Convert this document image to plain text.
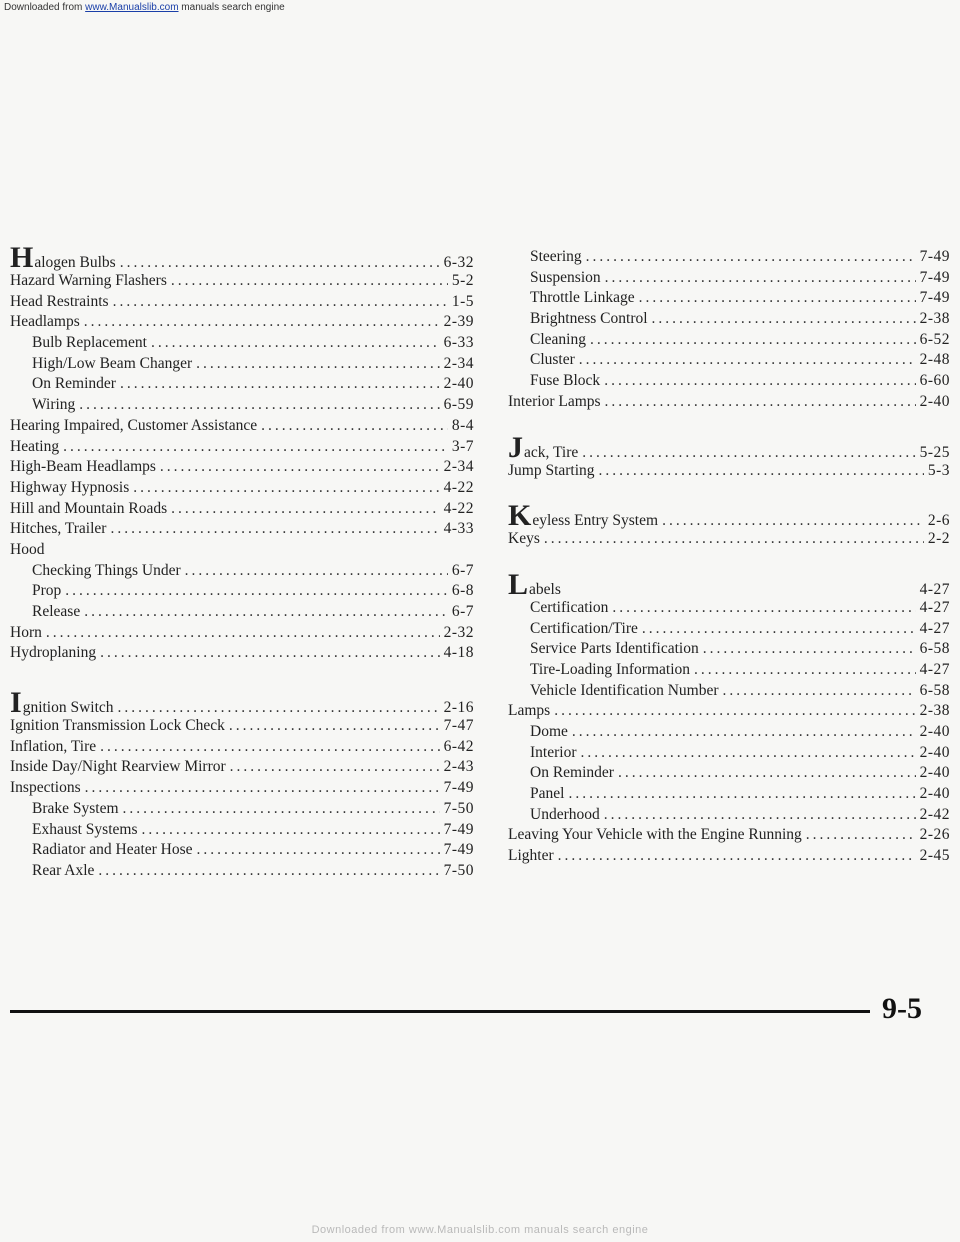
Downloaded from www.Manualslib.com manuals search engine
Halogen Bulbs .....	6-32
Hazard Warning Flashers .....	5-2
Head Restraints .....	1-5
Headlamps .....	2-39
Bulb Replacement .....	6-33
High/Low Beam Changer .....	2-34
On Reminder .....	2-40
Wiring .....	6-59
Hearing Impaired, Customer Assistance .....	8-4
Heating .....	3-7
High-Beam Headlamps .....	2-34
Highway Hypnosis .....	4-22
Hill and Mountain Roads .....	4-22
Hitches, Trailer .....	4-33
Hood
Checking Things Under .....	6-7
Prop .....	6-8
Release .....	6-7
Horn .....	2-32
Hydroplaning .....	4-18
Ignition Switch .....	2-16
Ignition Transmission Lock Check .....	7-47
Inflation, Tire .....	6-42
Inside Day/Night Rearview Mirror .....	2-43
Inspections .....	7-49
Brake System .....	7-50
Exhaust Systems .....	7-49
Radiator and Heater Hose .....	7-49
Rear Axle .....	7-50
Steering .....	7-49
Suspension .....	7-49
Throttle Linkage .....	7-49
Brightness Control .....	2-38
Cleaning .....	6-52
Cluster .....	2-48
Fuse Block .....	6-60
Interior Lamps .....	2-40
Jack, Tire .....	5-25
Jump Starting .....	5-3
Keyless Entry System .....	2-6
Keys .....	2-2
Labels	4-27
Certification .....	4-27
Certification/Tire .....	4-27
Service Parts Identification .....	6-58
Tire-Loading Information .....	4-27
Vehicle Identification Number .....	6-58
Lamps .....	2-38
Dome .....	2-40
Interior .....	2-40
On Reminder .....	2-40
Panel .....	2-40
Underhood .....	2-42
Leaving Your Vehicle with the Engine Running .....	2-26
Lighter .....	2-45
9-5
Downloaded from www.Manualslib.com manuals search engine
